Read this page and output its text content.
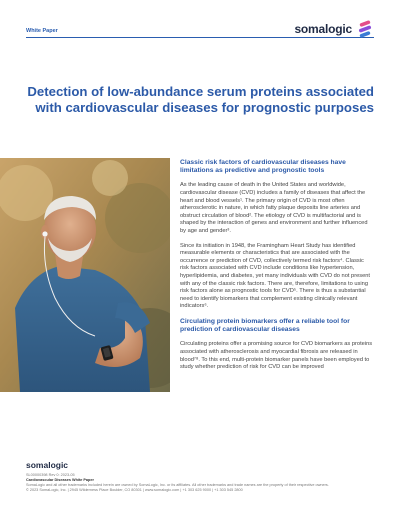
White Paper	somalogic
Detection of low-abundance serum proteins associated
with cardiovascular diseases for prognostic purposes
Classic risk factors of cardiovascular diseases have limitations as predictive and prognostic tools

As the leading cause of death in the United States and worldwide, cardiovascular disease (CVD) includes a family of diseases that affect the heart and blood vessels¹. The primary origin of CVD is most often atherosclerotic in nature, in which fatty plaque deposits line arteries and obstruct circulation of blood². The etiology of CVD is multifactorial and is shaped by the interaction of genes and environment and further influenced by age and gender³.

Since its initiation in 1948, the Framingham Heart Study has identified measurable elements or characteristics that are associated with the occurrence or prediction of CVD, collectively termed risk factors⁴. Classic risk factors associated with CVD include conditions like hypertension, hyperlipidemia, and diabetes, yet many individuals with CVD do not present with any of the classic risk factors. There are, therefore, limitations to using risk factors alone as prognostic tools for CVD⁵. There is thus a substantial need to identify biomarkers that complement existing clinically relevant indicators⁶.

Circulating protein biomarkers offer a reliable tool for prediction of cardiovascular diseases

Circulating proteins offer a promising source for CVD biomarkers as proteins associated with atherosclerosis and myocardial fibrosis are released in blood⁷⁸. To this end, multi-protein biomarker panels have been employed to study whether prediction of risk for CVD can be improved

somalogic
SL00000398 Rev 0: 2023-05
Cardiovascular Diseases White Paper
SomaLogic and all other trademarks included herein are owned by SomaLogic, Inc. or its affiliates. All other trademarks and trade names are the property of their respective owners.
© 2023 SomaLogic, Inc. | 2945 Wilderness Place Boulder, CO 80301 | www.somalogic.com | +1 303 625 9000 | +1 303 545 2800
